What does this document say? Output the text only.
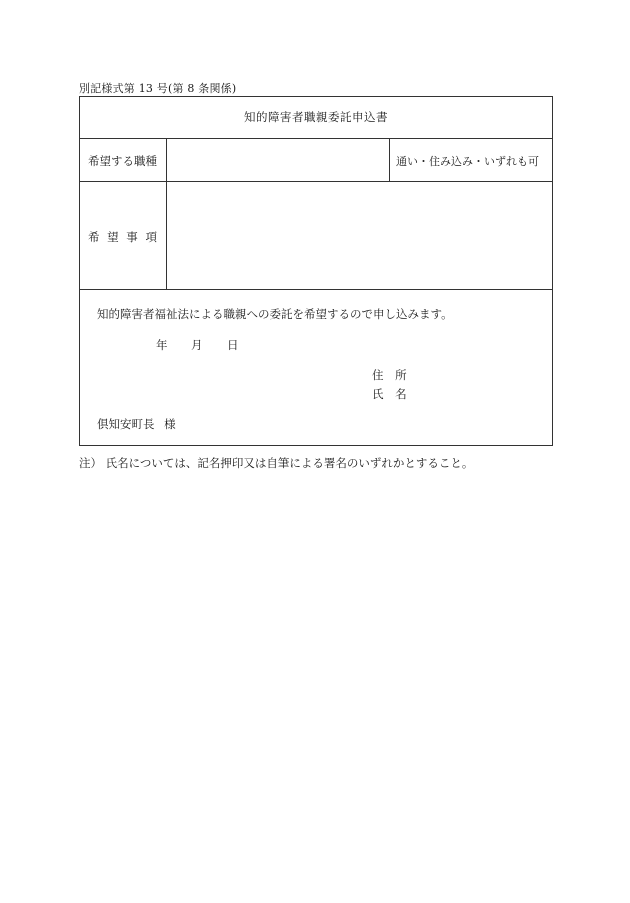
別記様式第 13 号(第 8 条関係)
知的障害者職親委託申込書
希望する職種	通い・住み込み・いずれも可
希 望 事 項
知的障害者福祉法による職親への委託を希望するので申し込みます。
年 月 日
住 所
氏 名
倶知安町長 様
注） 氏名については、記名押印又は自筆による署名のいずれかとすること。
